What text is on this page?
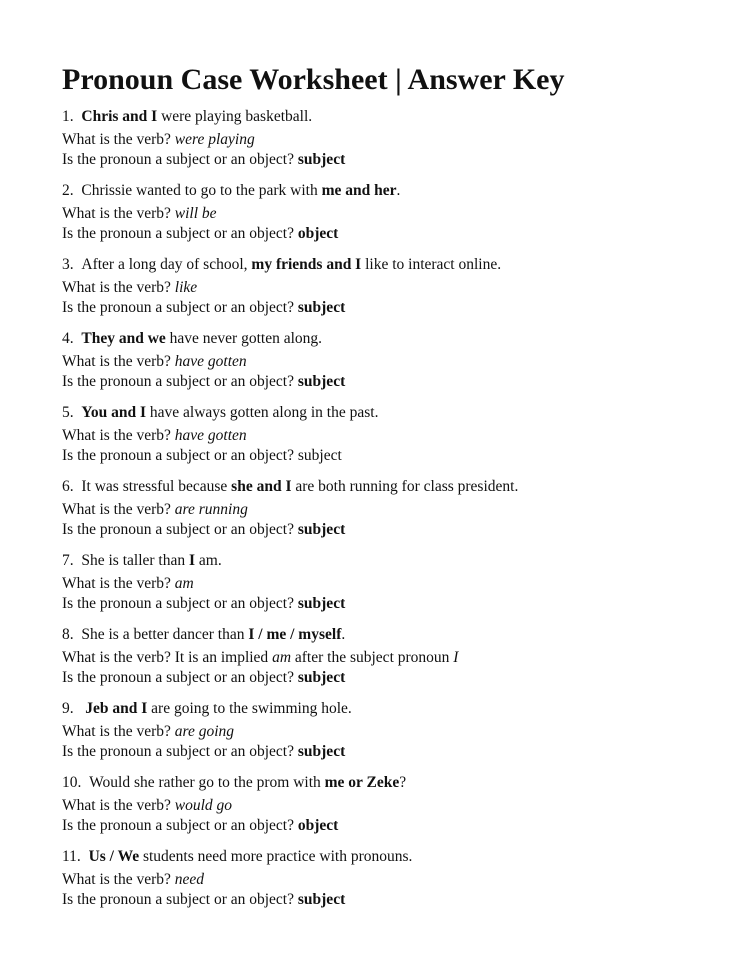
Pronoun Case Worksheet | Answer Key
1.  Chris and I were playing basketball.
What is the verb? were playing
Is the pronoun a subject or an object? subject
2.  Chrissie wanted to go to the park with me and her.
What is the verb? will be
Is the pronoun a subject or an object? object
3.  After a long day of school, my friends and I like to interact online.
What is the verb? like
Is the pronoun a subject or an object? subject
4.  They and we have never gotten along.
What is the verb? have gotten
Is the pronoun a subject or an object? subject
5.  You and I have always gotten along in the past.
What is the verb? have gotten
Is the pronoun a subject or an object? subject
6.  It was stressful because she and I are both running for class president.
What is the verb? are running
Is the pronoun a subject or an object? subject
7.  She is taller than I am.
What is the verb? am
Is the pronoun a subject or an object? subject
8.  She is a better dancer than I / me / myself.
What is the verb? It is an implied am after the subject pronoun I
Is the pronoun a subject or an object? subject
9.   Jeb and I are going to the swimming hole.
What is the verb? are going
Is the pronoun a subject or an object? subject
10.  Would she rather go to the prom with me or Zeke?
What is the verb? would go
Is the pronoun a subject or an object? object
11.  Us / We students need more practice with pronouns.
What is the verb? need
Is the pronoun a subject or an object? subject
